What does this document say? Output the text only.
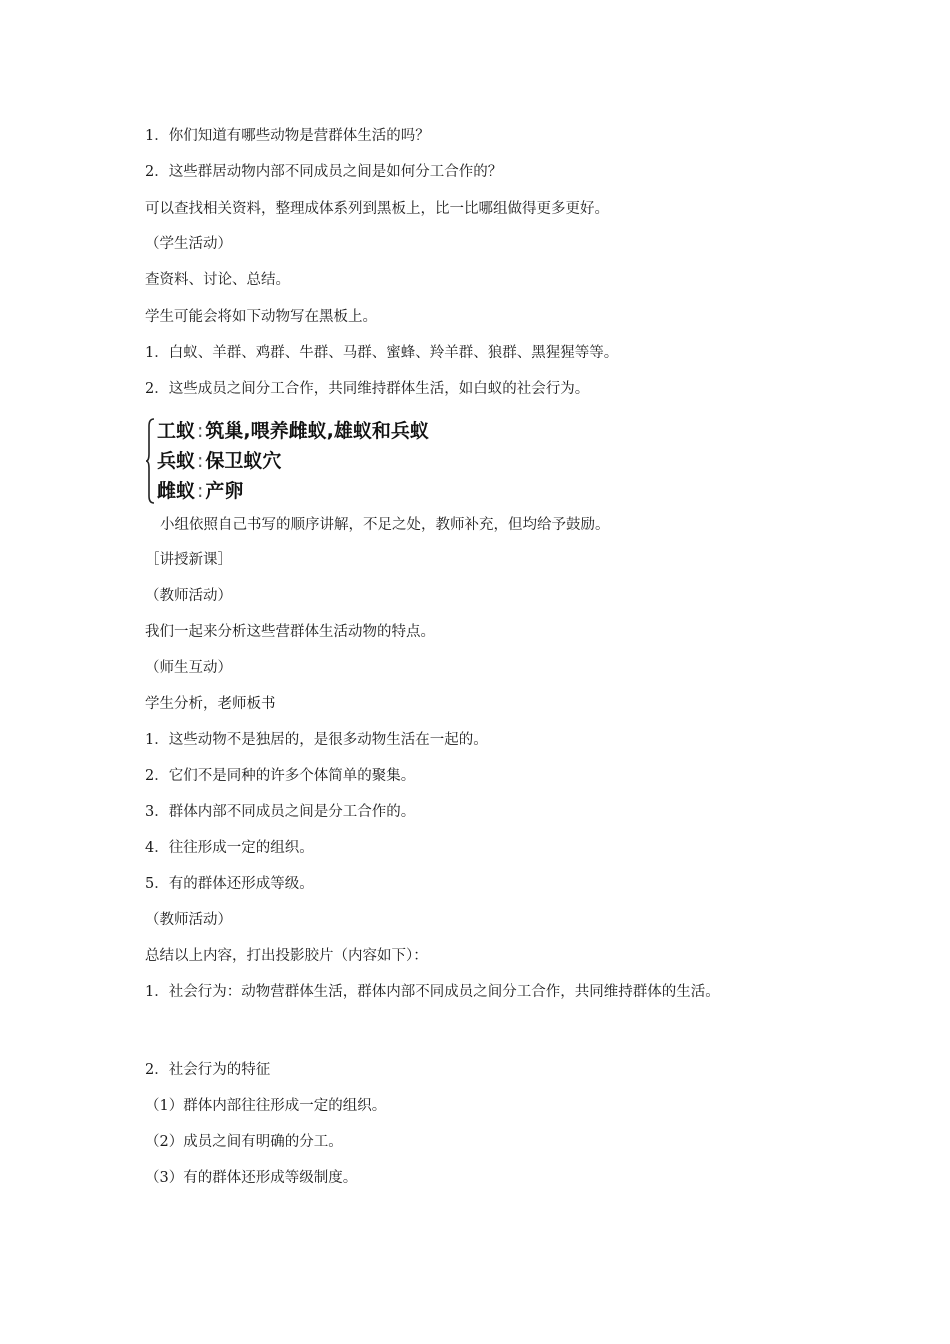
1．你们知道有哪些动物是营群体生活的吗？
2．这些群居动物内部不同成员之间是如何分工合作的？
可以查找相关资料，整理成体系列到黑板上，比一比哪组做得更多更好。
（学生活动）
查资料、讨论、总结。
学生可能会将如下动物写在黑板上。
1．白蚁、羊群、鸡群、牛群、马群、蜜蜂、羚羊群、狼群、黑猩猩等等。
2．这些成员之间分工合作，共同维持群体生活，如白蚁的社会行为。
工蚁 : 筑巢,喂养雌蚁,雄蚁和兵蚁
兵蚁 : 保卫蚁穴
雌蚁 : 产卵
小组依照自己书写的顺序讲解，不足之处，教师补充，但均给予鼓励。
［讲授新课］
（教师活动）
我们一起来分析这些营群体生活动物的特点。
（师生互动）
学生分析，老师板书
1．这些动物不是独居的，是很多动物生活在一起的。
2．它们不是同种的许多个体简单的聚集。
3．群体内部不同成员之间是分工合作的。
4．往往形成一定的组织。
5．有的群体还形成等级。
（教师活动）
总结以上内容，打出投影胶片（内容如下）：
1．社会行为：动物营群体生活，群体内部不同成员之间分工合作，共同维持群体的生活。
2．社会行为的特征
（1）群体内部往往形成一定的组织。
（2）成员之间有明确的分工。
（3）有的群体还形成等级制度。
